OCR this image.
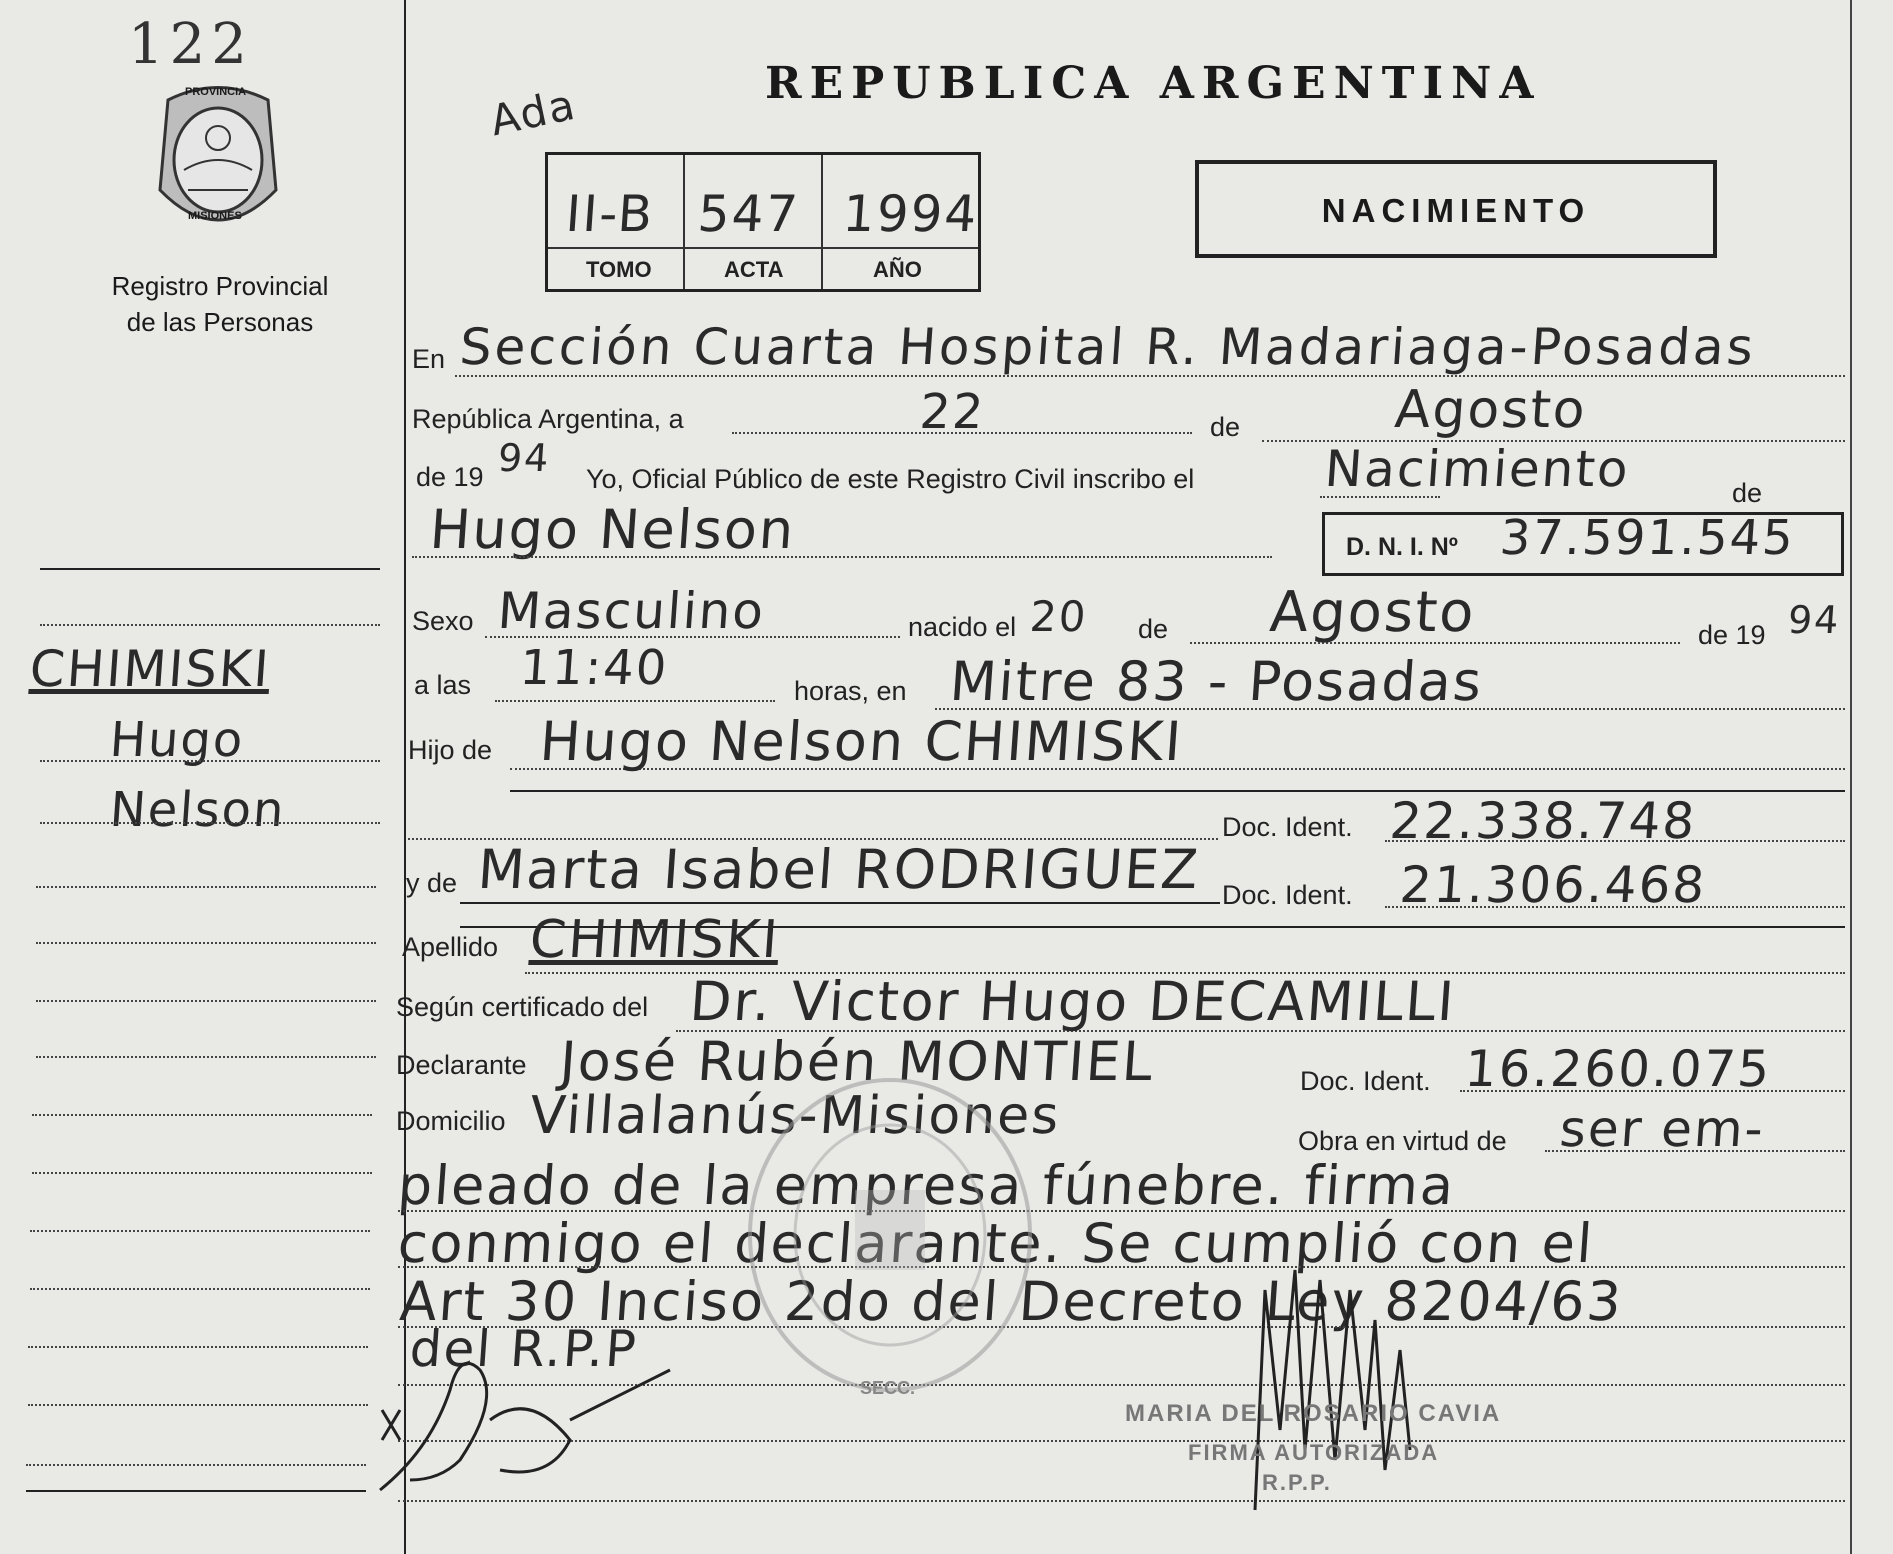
122
PROVINCIA
MISIONES
Registro Provincial
de las Personas
CHIMISKI
Hugo
Nelson
REPUBLICA ARGENTINA
Ada
II-B 547 1994
TOMO	ACTA	AÑO
NACIMIENTO
En Sección Cuarta Hospital R. Madariaga-Posadas
República Argentina, a	22	de	Agosto
de 19 94 Yo, Oficial Público de este Registro Civil inscribo el	Nacimiento	de
Hugo Nelson	D. N. I. Nº 37.591.545
Sexo Masculino	nacido el 20 de Agosto	de 19 94
a las 11:40	horas, en Mitre 83 - Posadas
Hijo de Hugo Nelson CHIMISKI
Doc. Ident. 22.338.748
y de Marta Isabel RODRIGUEZ Doc. Ident. 21.306.468
Apellido CHIMISKI
Según certificado del Dr. Victor Hugo DECAMILLI
Declarante José Rubén MONTIEL	Doc. Ident. 16.260.075
Domicilio Villalanús-Misiones	Obra en virtud de ser em-
pleado de la empresa fúnebre. firma
conmigo el declarante. Se cumplió con el
Art 30 Inciso 2do del Decreto Ley 8204/63
del R.P.P
SECC.
MARIA DEL ROSARIO CAVIA
FIRMA AUTORIZADA
R.P.P.
